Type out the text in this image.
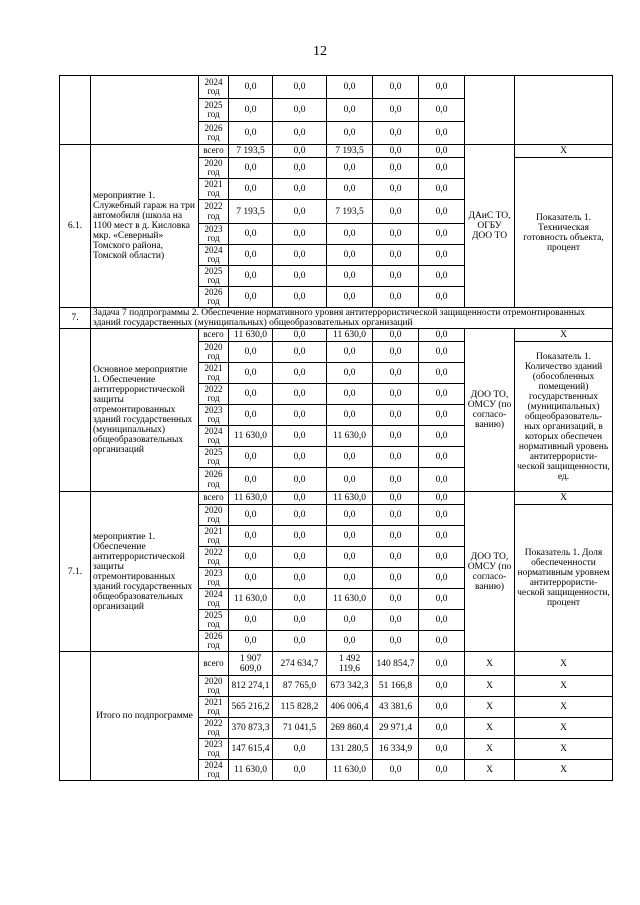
12
		2024 год	0,0	0,0	0,0	0,0	0,0			
		2025 год	0,0	0,0	0,0	0,0	0,0	
		2026 год	0,0	0,0	0,0	0,0	0,0	
6.1.	мероприятие 1. Служебный гараж на три автомобиля (школа на 1100 мест в д. Кисловка мкр. «Северный» Томского района, Томской области)	всего	7 193,5	0,0	7 193,5	0,0	0,0	ДАиС ТО, ОГБУ ДОО ТО	X	
		2020 год	0,0	0,0	0,0	0,0	0,0		Показатель 1. Техническая готовность объекта, процент	
		2021 год	0,0	0,0	0,0	0,0	0,0	
		2022 год	7 193,5	0,0	7 193,5	0,0	0,0	
		2023 год	0,0	0,0	0,0	0,0	0,0	
		2024 год	0,0	0,0	0,0	0,0	0,0	
		2025 год	0,0	0,0	0,0	0,0	0,0	
		2026 год	0,0	0,0	0,0	0,0	0,0	
7.	Задача 7 подпрограммы 2. Обеспечение нормативного уровня антитеррористической защищенности отремонтированных зданий государственных (муниципальных) общеобразовательных организаций									
	Основное мероприятие 1. Обеспечение антитеррористической защиты отремонтированных зданий государственных (муниципальных) общеобразовательных организаций	всего	11 630,0	0,0	11 630,0	0,0	0,0	ДОО ТО, ОМСУ (по согласо-ванию)	X	
		2020 год	0,0	0,0	0,0	0,0	0,0		Показатель 1. Количество зданий (обособленных помещений) государственных (муниципальных) общеобразователь-ных организаций, в которых обеспечен нормативный уровень антитеррористи-ческой защищенности, ед.	
		2021 год	0,0	0,0	0,0	0,0	0,0	
		2022 год	0,0	0,0	0,0	0,0	0,0	
		2023 год	0,0	0,0	0,0	0,0	0,0	
		2024 год	11 630,0	0,0	11 630,0	0,0	0,0	
		2025 год	0,0	0,0	0,0	0,0	0,0	
		2026 год	0,0	0,0	0,0	0,0	0,0	
7.1.	мероприятие 1. Обеспечение антитеррористической защиты отремонтированных зданий государственных общеобразовательных организаций	всего	11 630,0	0,0	11 630,0	0,0	0,0	ДОО ТО, ОМСУ (по согласо-ванию)	X	
		2020 год	0,0	0,0	0,0	0,0	0,0		Показатель 1. Доля обеспеченности нормативным уровнем антитеррористи-ческой защищенности, процент	
		2021 год	0,0	0,0	0,0	0,0	0,0	
		2022 год	0,0	0,0	0,0	0,0	0,0	
		2023 год	0,0	0,0	0,0	0,0	0,0	
		2024 год	11 630,0	0,0	11 630,0	0,0	0,0	
		2025 год	0,0	0,0	0,0	0,0	0,0	
		2026 год	0,0	0,0	0,0	0,0	0,0	
	Итого по подпрограмме	всего	1 907 609,0	274 634,7	1 492 119,6	140 854,7	0,0	X	X	
		2020 год	812 274,1	87 765,0	673 342,3	51 166,8	0,0	X	X	
		2021 год	565 216,2	115 828,2	406 006,4	43 381,6	0,0	X	X	
		2022 год	370 873,3	71 041,5	269 860,4	29 971,4	0,0	X	X	
		2023 год	147 615,4	0,0	131 280,5	16 334,9	0,0	X	X	
		2024 год	11 630,0	0,0	11 630,0	0,0	0,0	X	X	
